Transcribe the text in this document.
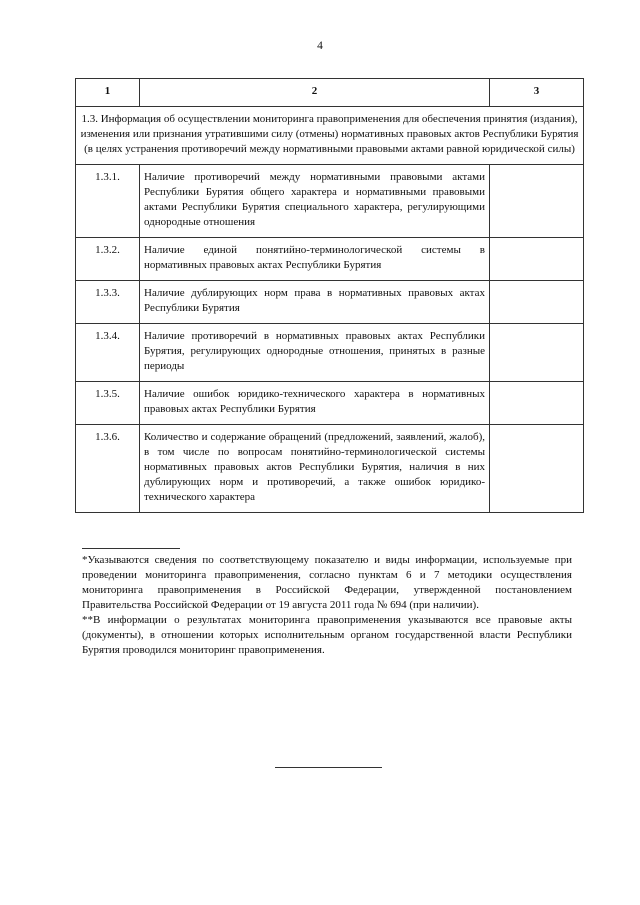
4
1	2	3
1.3. Информация об осуществлении мониторинга правоприменения для обеспечения принятия (издания), изменения или признания утратившими силу (отмены) нормативных правовых актов Республики Бурятия (в целях устранения противоречий между нормативными правовыми актами равной юридической силы)		
1.3.1.	Наличие противоречий между нормативными правовыми актами Республики Бурятия общего характера и нормативными правовыми актами Республики Бурятия специального характера, регулирующими однородные отношения	
1.3.2.	Наличие единой понятийно-терминологической системы в нормативных правовых актах Республики Бурятия	
1.3.3.	Наличие дублирующих норм права в нормативных правовых актах Республики Бурятия	
1.3.4.	Наличие противоречий в нормативных правовых актах Республики Бурятия, регулирующих однородные отношения, принятых в разные периоды	
1.3.5.	Наличие ошибок юридико-технического характера в нормативных правовых актах Республики Бурятия	
1.3.6.	Количество и содержание обращений (предложений, заявлений, жалоб), в том числе по вопросам понятийно-терминологической системы нормативных правовых актов Республики Бурятия, наличия в них дублирующих норм и противоречий, а также ошибок юридико-технического характера	

*Указываются сведения по соответствующему показателю и виды информации, используемые при проведении мониторинга правоприменения, согласно пунктам 6 и 7 методики осуществления мониторинга правоприменения в Российской Федерации, утвержденной постановлением Правительства Российской Федерации от 19 августа 2011 года № 694 (при наличии).

**В информации о результатах мониторинга правоприменения указываются все правовые акты (документы), в отношении которых исполнительным органом государственной власти Республики Бурятия проводился мониторинг правоприменения.
